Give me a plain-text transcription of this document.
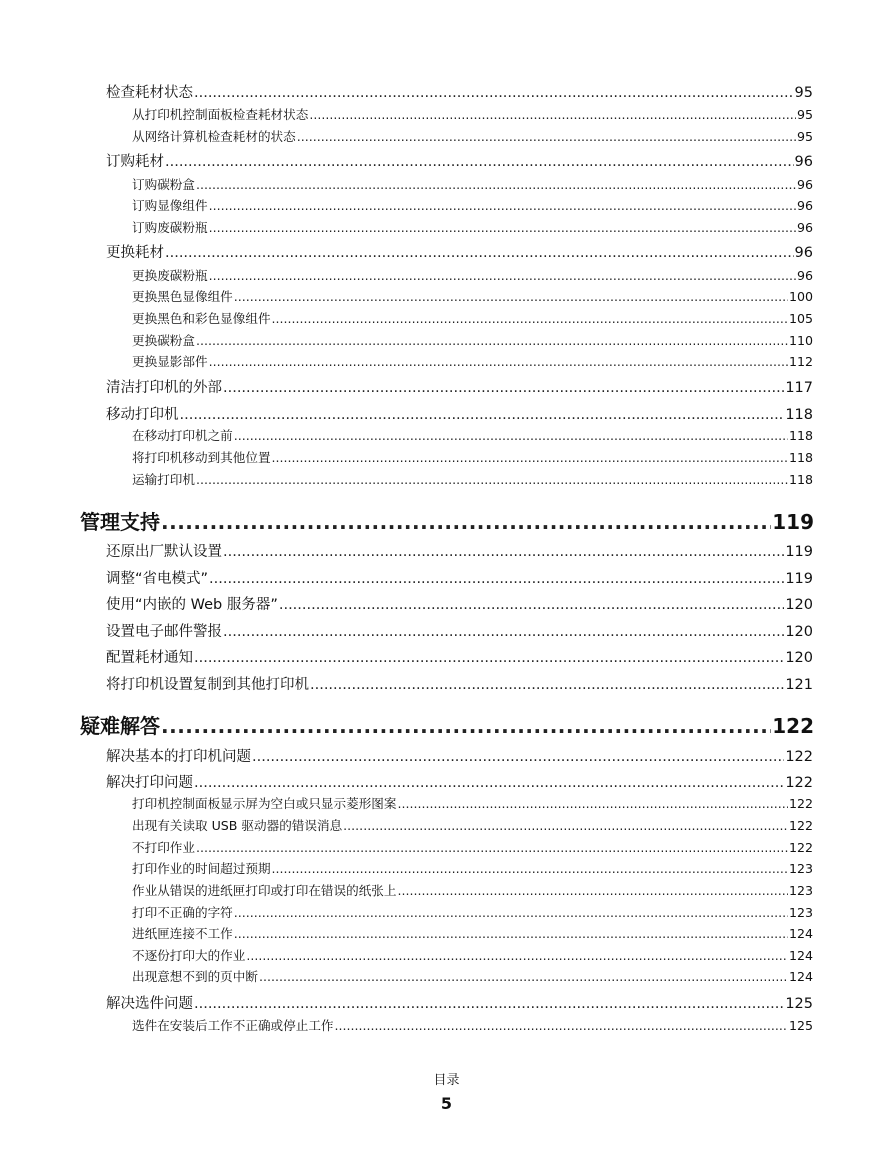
检查耗材状态 .....	95
从打印机控制面板检查耗材状态 .....	95
从网络计算机检查耗材的状态 .....	95
订购耗材 .....	96
订购碳粉盒 .....	96
订购显像组件 .....	96
订购废碳粉瓶 .....	96
更换耗材 .....	96
更换废碳粉瓶 .....	96
更换黑色显像组件 .....	100
更换黑色和彩色显像组件 .....	105
更换碳粉盒 .....	110
更换显影部件 .....	112
清洁打印机的外部 .....	117
移动打印机 .....	118
在移动打印机之前 .....	118
将打印机移动到其他位置 .....	118
运输打印机 .....	118
管理支持 .....	119
还原出厂默认设置 .....	119
调整“省电模式” .....	119
使用“内嵌的 Web 服务器” .....	120
设置电子邮件警报 .....	120
配置耗材通知 .....	120
将打印机设置复制到其他打印机 .....	121
疑难解答 .....	122
解决基本的打印机问题 .....	122
解决打印问题 .....	122
打印机控制面板显示屏为空白或只显示菱形图案 .....	122
出现有关读取 USB 驱动器的错误消息 .....	122
不打印作业 .....	122
打印作业的时间超过预期 .....	123
作业从错误的进纸匣打印或打印在错误的纸张上 .....	123
打印不正确的字符 .....	123
进纸匣连接不工作 .....	124
不逐份打印大的作业 .....	124
出现意想不到的页中断 .....	124
解决选件问题 .....	125
选件在安装后工作不正确或停止工作 .....	125
目录
5
